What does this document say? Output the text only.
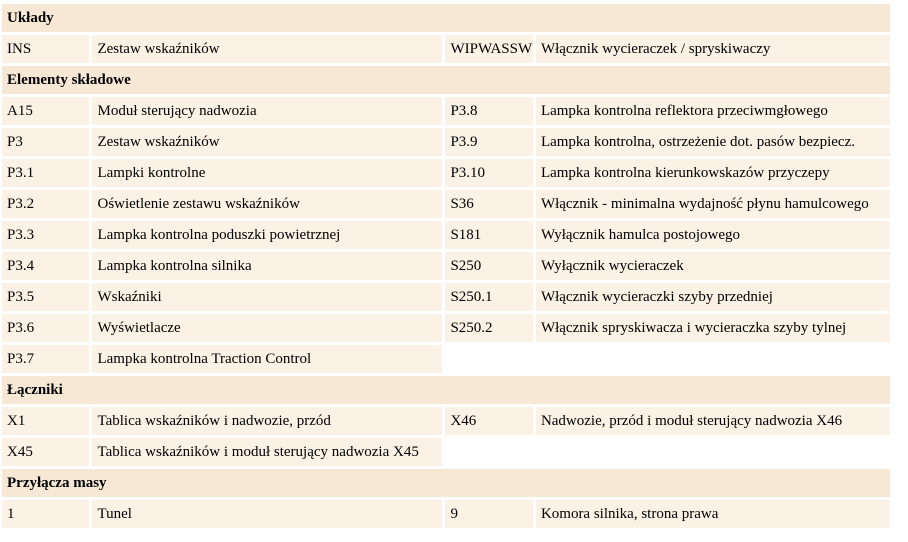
Układy			
INS	Zestaw wskaźników	WIPWASSW	Włącznik wycieraczek / spryskiwaczy
Elementy składowe			
A15	Moduł sterujący nadwozia	P3.8	Lampka kontrolna reflektora przeciwmgłowego
P3	Zestaw wskaźników	P3.9	Lampka kontrolna, ostrzeżenie dot. pasów bezpiecz.
P3.1	Lampki kontrolne	P3.10	Lampka kontrolna kierunkowskazów przyczepy
P3.2	Oświetlenie zestawu wskaźników	S36	Włącznik - minimalna wydajność płynu hamulcowego
P3.3	Lampka kontrolna poduszki powietrznej	S181	Wyłącznik hamulca postojowego
P3.4	Lampka kontrolna silnika	S250	Wyłącznik wycieraczek
P3.5	Wskaźniki	S250.1	Włącznik wycieraczki szyby przedniej
P3.6	Wyświetlacze	S250.2	Włącznik spryskiwacza i wycieraczka szyby tylnej
P3.7	Lampka kontrolna Traction Control		
Łączniki			
X1	Tablica wskaźników i nadwozie, przód	X46	Nadwozie, przód i moduł sterujący nadwozia X46
X45	Tablica wskaźników i moduł sterujący nadwozia X45		
Przyłącza masy			
1	Tunel	9	Komora silnika, strona prawa
